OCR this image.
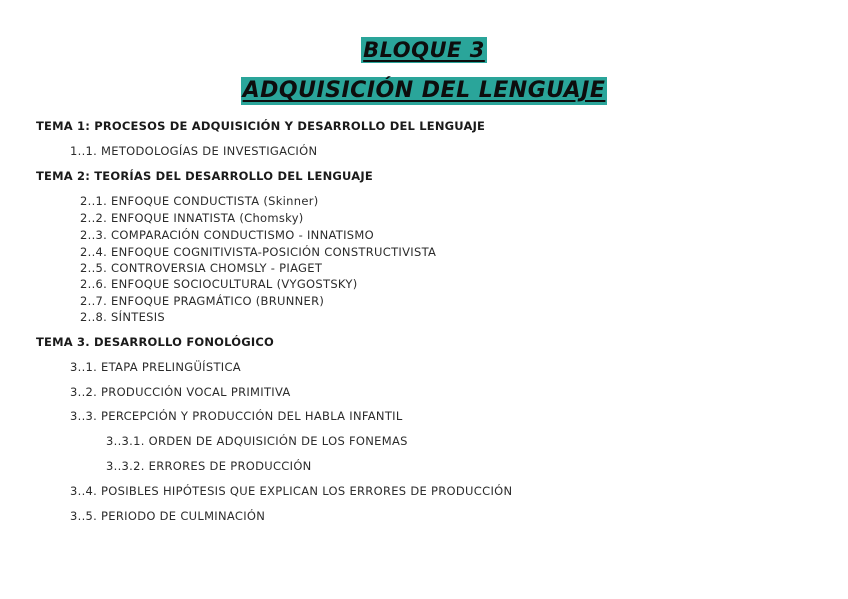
BLOQUE 3
ADQUISICIÓN DEL LENGUAJE
TEMA 1: PROCESOS DE ADQUISICIÓN Y DESARROLLO DEL LENGUAJE
1..1. METODOLOGÍAS DE INVESTIGACIÓN
TEMA 2: TEORÍAS DEL DESARROLLO DEL LENGUAJE
2..1. ENFOQUE CONDUCTISTA (Skinner)
2..2. ENFOQUE INNATISTA (Chomsky)
2..3. COMPARACIÓN CONDUCTISMO - INNATISMO
2..4. ENFOQUE COGNITIVISTA-POSICIÓN CONSTRUCTIVISTA
2..5. CONTROVERSIA CHOMSLY - PIAGET
2..6. ENFOQUE SOCIOCULTURAL (VYGOSTSKY)
2..7. ENFOQUE PRAGMÁTICO (BRUNNER)
2..8. SÍNTESIS
TEMA 3. DESARROLLO FONOLÓGICO
3..1. ETAPA PRELINGÜÍSTICA
3..2. PRODUCCIÓN VOCAL PRIMITIVA
3..3. PERCEPCIÓN Y PRODUCCIÓN DEL HABLA INFANTIL
3..3.1. ORDEN DE ADQUISICIÓN DE LOS FONEMAS
3..3.2. ERRORES DE PRODUCCIÓN
3..4. POSIBLES HIPÓTESIS QUE EXPLICAN LOS ERRORES DE PRODUCCIÓN
3..5. PERIODO DE CULMINACIÓN
